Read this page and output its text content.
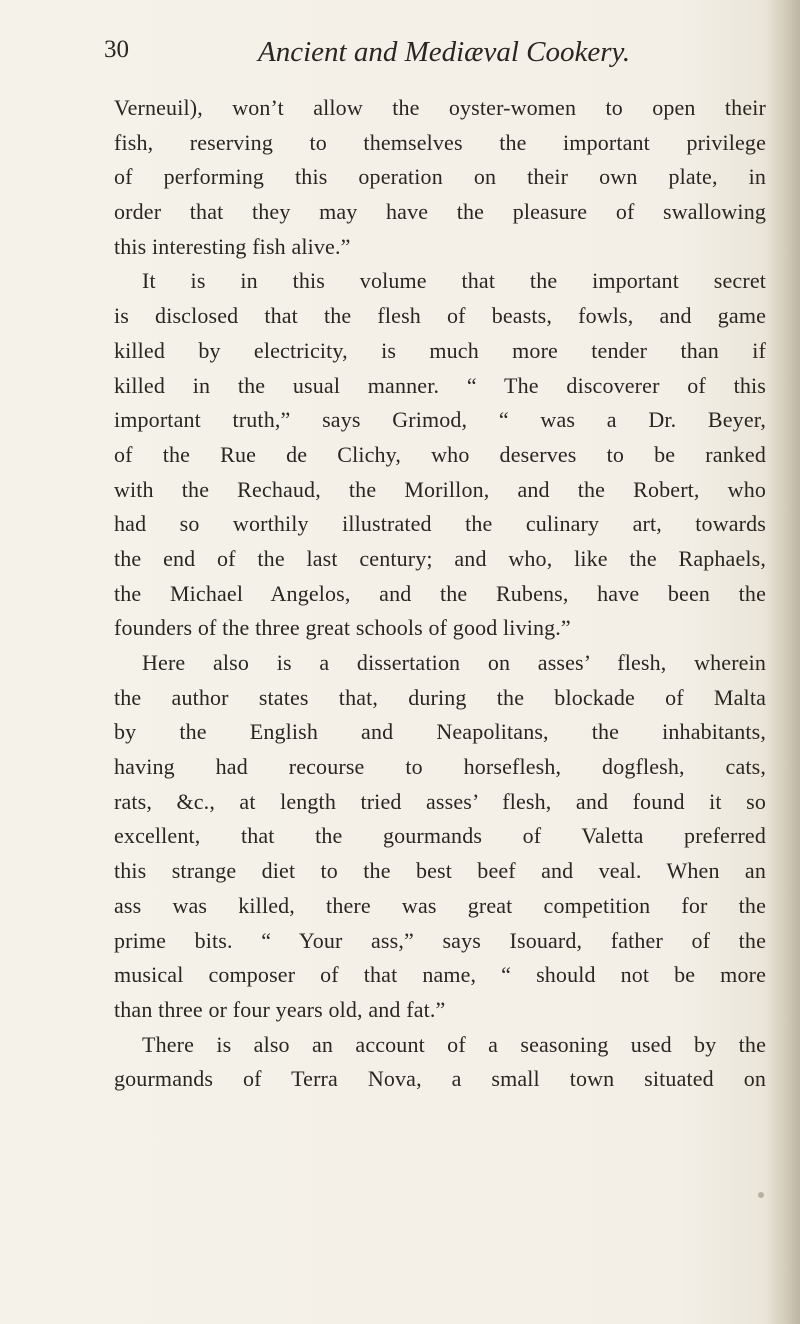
30	Ancient and Mediæval Cookery.
Verneuil), won’t allow the oyster-women to open their
fish, reserving to themselves the important privilege
of performing this operation on their own plate, in
order that they may have the pleasure of swallowing
this interesting fish alive.”
It is in this volume that the important secret
is disclosed that the flesh of beasts, fowls, and game
killed by electricity, is much more tender than if
killed in the usual manner. “ The discoverer of this
important truth,” says Grimod, “ was a Dr. Beyer,
of the Rue de Clichy, who deserves to be ranked
with the Rechaud, the Morillon, and the Robert, who
had so worthily illustrated the culinary art, towards
the end of the last century; and who, like the Raphaels,
the Michael Angelos, and the Rubens, have been the
founders of the three great schools of good living.”
Here also is a dissertation on asses’ flesh, wherein
the author states that, during the blockade of Malta
by the English and Neapolitans, the inhabitants,
having had recourse to horseflesh, dogflesh, cats,
rats, &c., at length tried asses’ flesh, and found it so
excellent, that the gourmands of Valetta preferred
this strange diet to the best beef and veal. When an
ass was killed, there was great competition for the
prime bits. “ Your ass,” says Isouard, father of the
musical composer of that name, “ should not be more
than three or four years old, and fat.”
There is also an account of a seasoning used by the
gourmands of Terra Nova, a small town situated on
